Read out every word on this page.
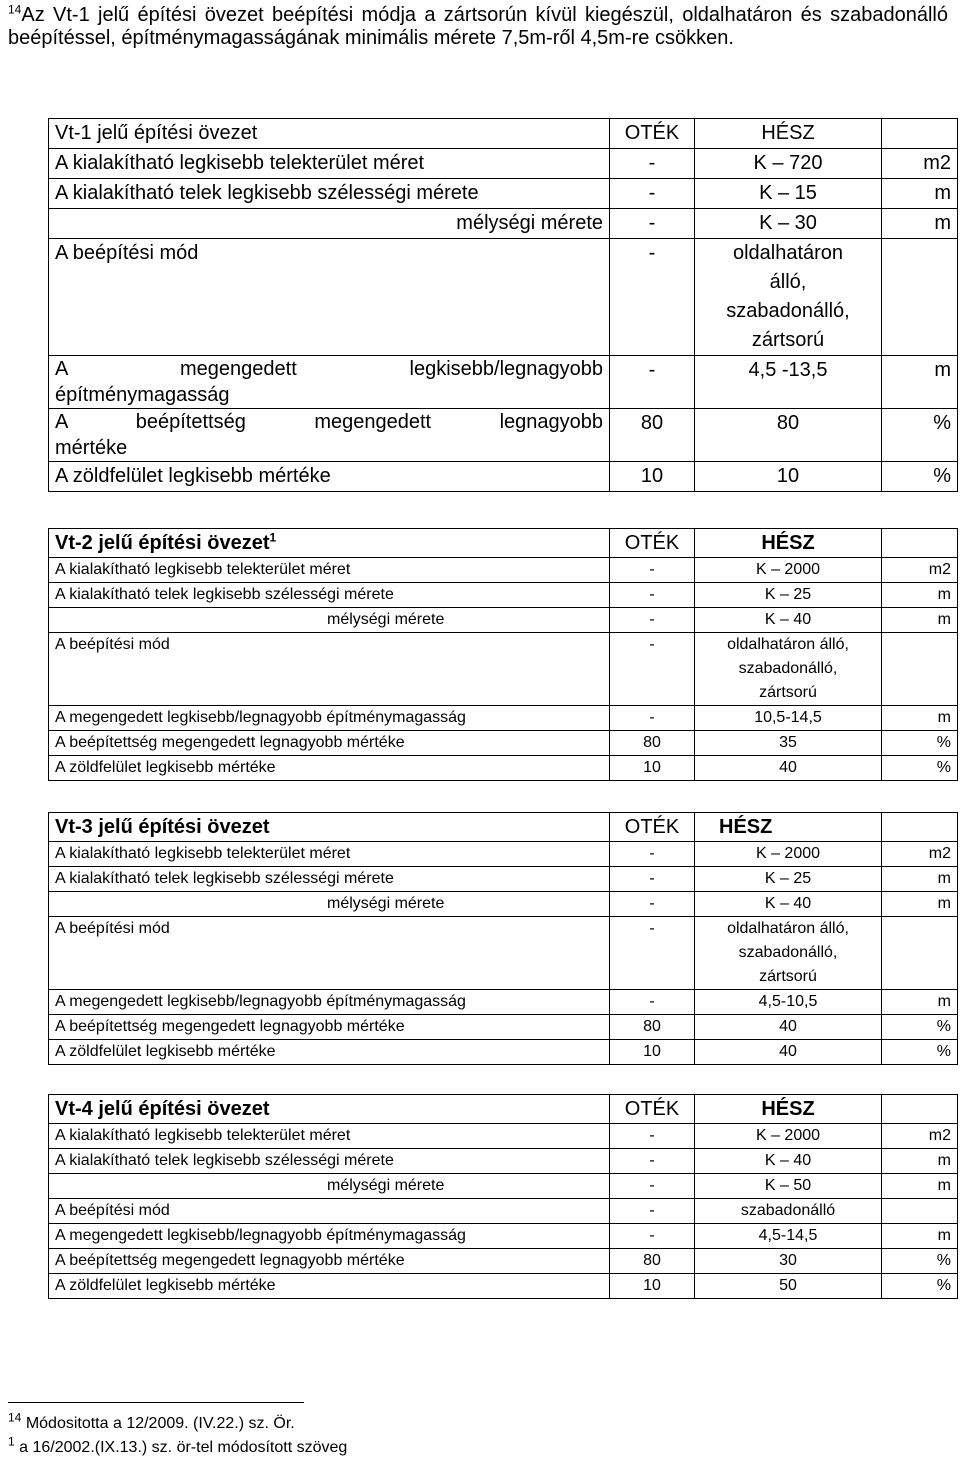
$^{14}$Az Vt-1 jelű építési övezet beépítési módja a zártsorún kívül kiegészül, oldalhatáron és szabadonálló beépítéssel, építménymagasságának minimális mérete 7,5m-ről 4,5m-re csökken.

Vt-1 jelű építési övezet	OTÉK	HÉSZ	
A kialakítható legkisebb telekterület méret	-	K – 720	m2
A kialakítható telek legkisebb szélességi mérete	-	K – 15	m
mélységi mérete	-	K – 30	m
A beépítési mód	-	oldalhatáron álló, szabadonálló, zártsorú	

A megengedett legkisebb/legnagyobb
építménymagasság	-	4,5 -13,5	m

A beépítettség megengedett legnagyobb
mértéke	80	80	%
A zöldfelület legkisebb mértéke	10	10	%
Vt-2 jelű építési övezet$^1$	OTÉK	HÉSZ	
A kialakítható legkisebb telekterület méret	-	K – 2000	m2
A kialakítható telek legkisebb szélességi mérete	-	K – 25	m
mélységi mérete	-	K – 40	m
A beépítési mód	-	oldalhatáron álló, szabadonálló, zártsorú	
A megengedett legkisebb/legnagyobb építménymagasság	-	10,5-14,5	m
A beépítettség megengedett legnagyobb mértéke	80	35	%
A zöldfelület legkisebb mértéke	10	40	%
Vt-3 jelű építési övezet	OTÉK	HÉSZ	
A kialakítható legkisebb telekterület méret	-	K – 2000	m2
A kialakítható telek legkisebb szélességi mérete	-	K – 25	m
mélységi mérete	-	K – 40	m
A beépítési mód	-	oldalhatáron álló, szabadonálló, zártsorú	
A megengedett legkisebb/legnagyobb építménymagasság	-	4,5-10,5	m
A beépítettség megengedett legnagyobb mértéke	80	40	%
A zöldfelület legkisebb mértéke	10	40	%
Vt-4 jelű építési övezet	OTÉK	HÉSZ	
A kialakítható legkisebb telekterület méret	-	K – 2000	m2
A kialakítható telek legkisebb szélességi mérete	-	K – 40	m
mélységi mérete	-	K – 50	m
A beépítési mód	-	szabadonálló	
A megengedett legkisebb/legnagyobb építménymagasság	-	4,5-14,5	m
A beépítettség megengedett legnagyobb mértéke	80	30	%
A zöldfelület legkisebb mértéke	10	50	%

$^{14}$ Módositotta a 12/2009. (IV.22.) sz. Ör.

$^1$ a 16/2002.(IX.13.) sz. ör-tel módosított szöveg
